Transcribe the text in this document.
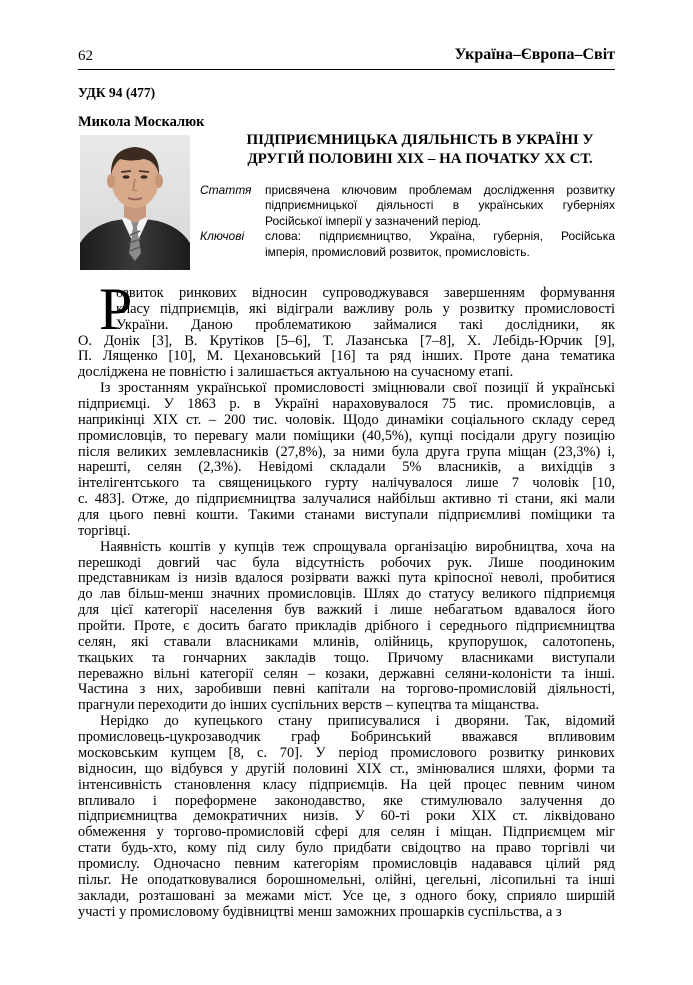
62	Україна–Європа–Світ
УДК 94 (477)
Микола Москалюк
ПІДПРИЄМНИЦЬКА ДІЯЛЬНІСТЬ В УКРАЇНІ У
ДРУГІЙ ПОЛОВИНІ ХІХ – НА ПОЧАТКУ ХХ СТ.
Стаття присвячена ключовим проблемам дослідження розвитку
підприємницької діяльності в українських губерніях
Російської імперії у зазначений період.
Ключові слова: підприємництво, Україна, губернія, Російська
імперія, промисловий розвиток, промисловість.
Р
озвиток ринкових відносин супроводжувався завершенням формування
класу підприємців, які відіграли важливу роль у розвитку промисловості
України. Даною проблематикою займалися такі дослідники, як
О. Донік [3], В. Крутіков [5–6], Т. Лазанська [7–8], Х. Лебідь-Юрчик [9],
П. Лященко [10], М. Цехановський [16] та ряд інших. Проте дана тематика
досліджена не повністю і залишається актуальною на сучасному етапі.
Із зростанням української промисловості зміцнювали свої позиції й українські
підприємці. У 1863 р. в Україні нараховувалося 75 тис. промисловців, а
наприкінці ХІХ ст. – 200 тис. чоловік. Щодо динаміки соціального складу серед
промисловців, то перевагу мали поміщики (40,5%), купці посідали другу позицію
після великих землевласників (27,8%), за ними була друга група міщан (23,3%) і,
нарешті, селян (2,3%). Невідомі складали 5% власників, а вихідців з
інтелігентського та священицького гурту налічувалося лише 7 чоловік [10,
с. 483]. Отже, до підприємництва залучалися найбільш активно ті стани, які мали
для цього певні кошти. Такими станами виступали підприємливі поміщики та
торгівці.
Наявність коштів у купців теж спрощувала організацію виробництва, хоча на
перешкоді довгий час була відсутність робочих рук. Лише поодиноким
представникам із низів вдалося розірвати важкі пута кріпосної неволі, пробитися
до лав більш-менш значних промисловців. Шлях до статусу великого підприємця
для цієї категорії населення був важкий і лише небагатьом вдавалося його
пройти. Проте, є досить багато прикладів дрібного і середнього підприємництва
селян, які ставали власниками млинів, олійниць, крупорушок, салотопень,
ткацьких та гончарних закладів тощо. Причому власниками виступали
переважно вільні категорії селян – козаки, державні селяни-колоністи та інші.
Частина з них, заробивши певні капітали на торгово-промисловій діяльності,
прагнули переходити до інших суспільних верств – купецтва та міщанства.
Нерідко до купецького стану приписувалися і дворяни. Так, відомий
промисловець-цукрозаводчик граф Бобринський вважався впливовим
московським купцем [8, с. 70]. У період промислового розвитку ринкових
відносин, що відбувся у другій половині ХІХ ст., змінювалися шляхи, форми та
інтенсивність становлення класу підприємців. На цей процес певним чином
впливало і пореформене законодавство, яке стимулювало залучення до
підприємництва демократичних низів. У 60-ті роки ХІХ ст. ліквідовано
обмеження у торгово-промисловій сфері для селян і міщан. Підприємцем міг
стати будь-хто, кому під силу було придбати свідоцтво на право торгівлі чи
промислу. Одночасно певним категоріям промисловців надавався цілий ряд
пільг. Не оподатковувалися борошномельні, олійні, цегельні, лісопильні та інші
заклади, розташовані за межами міст. Усе це, з одного боку, сприяло ширшій
участі у промисловому будівництві менш заможних прошарків суспільства, а з
